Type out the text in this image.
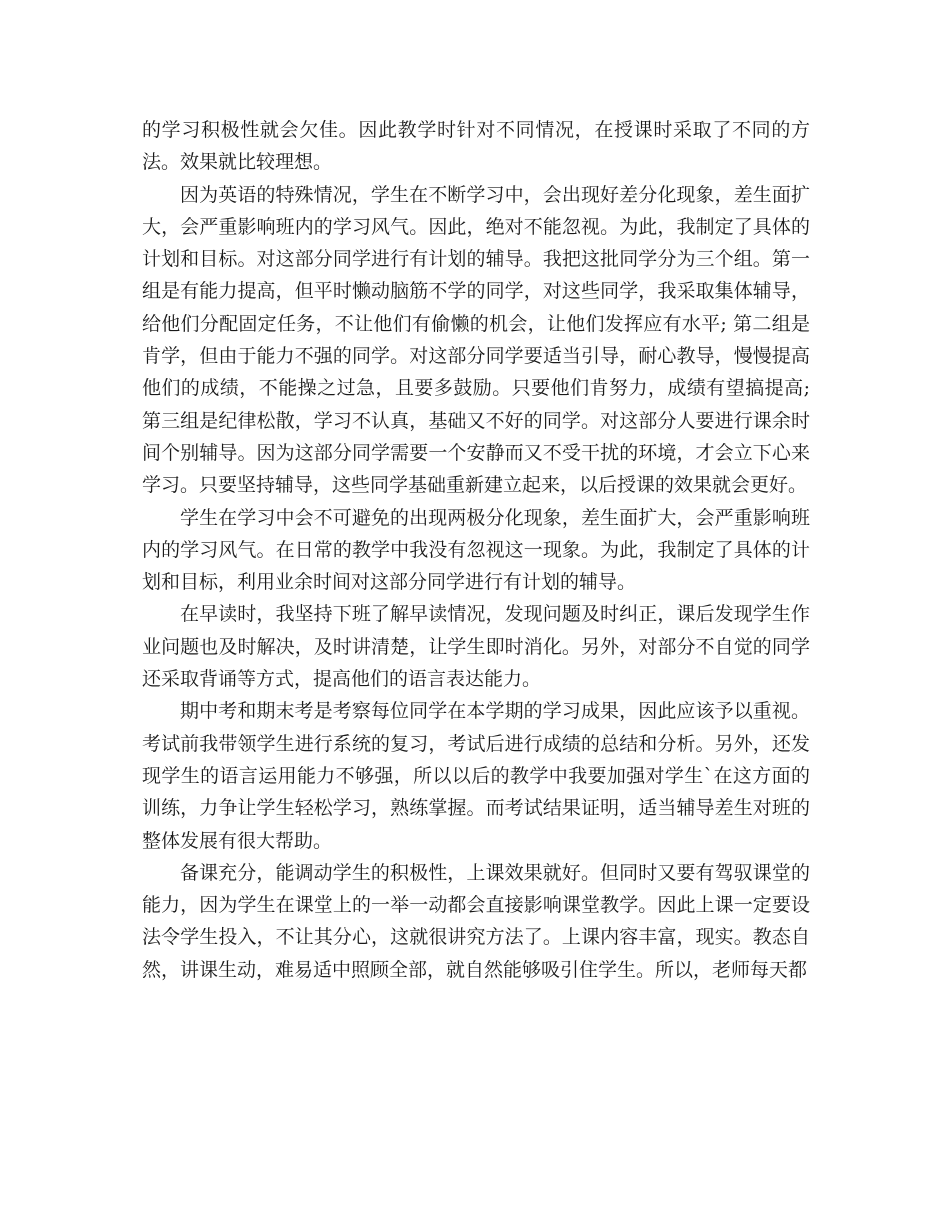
的学习积极性就会欠佳。因此教学时针对不同情况，在授课时采取了不同的方法。效果就比较理想。

因为英语的特殊情况，学生在不断学习中，会出现好差分化现象，差生面扩大，会严重影响班内的学习风气。因此，绝对不能忽视。为此，我制定了具体的计划和目标。对这部分同学进行有计划的辅导。我把这批同学分为三个组。第一组是有能力提高，但平时懒动脑筋不学的同学，对这些同学，我采取集体辅导，给他们分配固定任务，不让他们有偷懒的机会，让他们发挥应有水平; 第二组是肯学，但由于能力不强的同学。对这部分同学要适当引导，耐心教导，慢慢提高他们的成绩，不能操之过急，且要多鼓励。只要他们肯努力，成绩有望搞提高;第三组是纪律松散，学习不认真，基础又不好的同学。对这部分人要进行课余时间个别辅导。因为这部分同学需要一个安静而又不受干扰的环境，才会立下心来学习。只要坚持辅导，这些同学基础重新建立起来，以后授课的效果就会更好。

学生在学习中会不可避免的出现两极分化现象，差生面扩大，会严重影响班内的学习风气。在日常的教学中我没有忽视这一现象。为此，我制定了具体的计划和目标，利用业余时间对这部分同学进行有计划的辅导。

在早读时，我坚持下班了解早读情况，发现问题及时纠正，课后发现学生作业问题也及时解决，及时讲清楚，让学生即时消化。另外，对部分不自觉的同学还采取背诵等方式，提高他们的语言表达能力。

期中考和期末考是考察每位同学在本学期的学习成果，因此应该予以重视。考试前我带领学生进行系统的复习，考试后进行成绩的总结和分析。另外，还发现学生的语言运用能力不够强，所以以后的教学中我要加强对学生`在这方面的训练，力争让学生轻松学习，熟练掌握。而考试结果证明，适当辅导差生对班的整体发展有很大帮助。

备课充分，能调动学生的积极性，上课效果就好。但同时又要有驾驭课堂的能力，因为学生在课堂上的一举一动都会直接影响课堂教学。因此上课一定要设法令学生投入，不让其分心，这就很讲究方法了。上课内容丰富，现实。教态自然，讲课生动，难易适中照顾全部，就自然能够吸引住学生。所以，老师每天都
